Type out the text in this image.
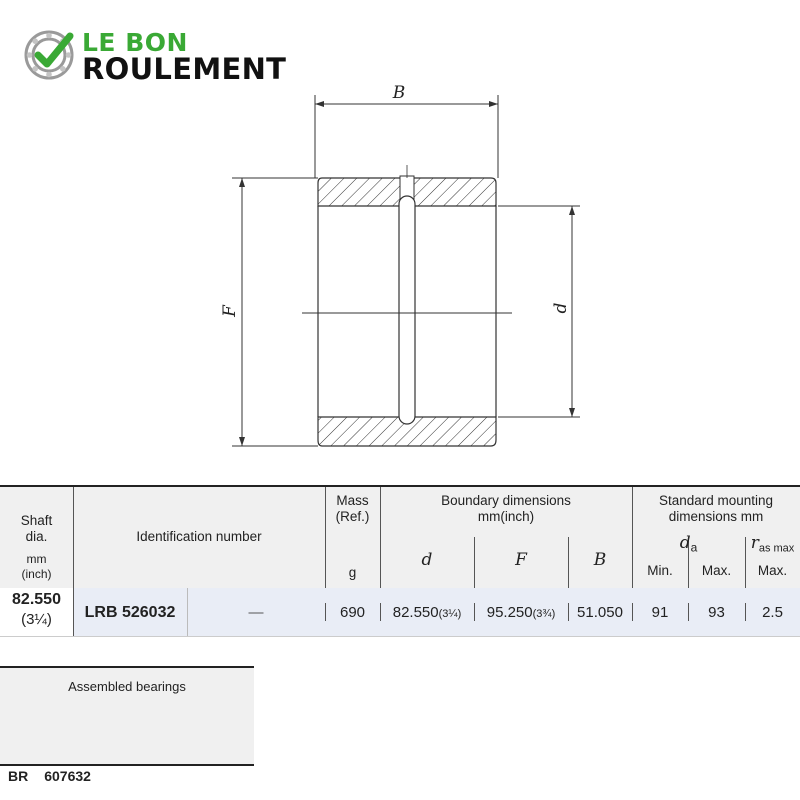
LE BON
ROULEMENT
B
F	d
Shaft
dia.
mm
(inch)
Identification number
Mass
(Ref.)
g
Boundary dimensions
mm(inch)
d	F	B
Standard mounting
dimensions mm
$d_a$	$r_{as max}$
Min.	Max.	Max.
82.550
(3¼)	LRB 526032	—	690	82.550(3¼)	95.250(3¾)	51.050	91	93	2.5
Assembled bearings
BR 607632
